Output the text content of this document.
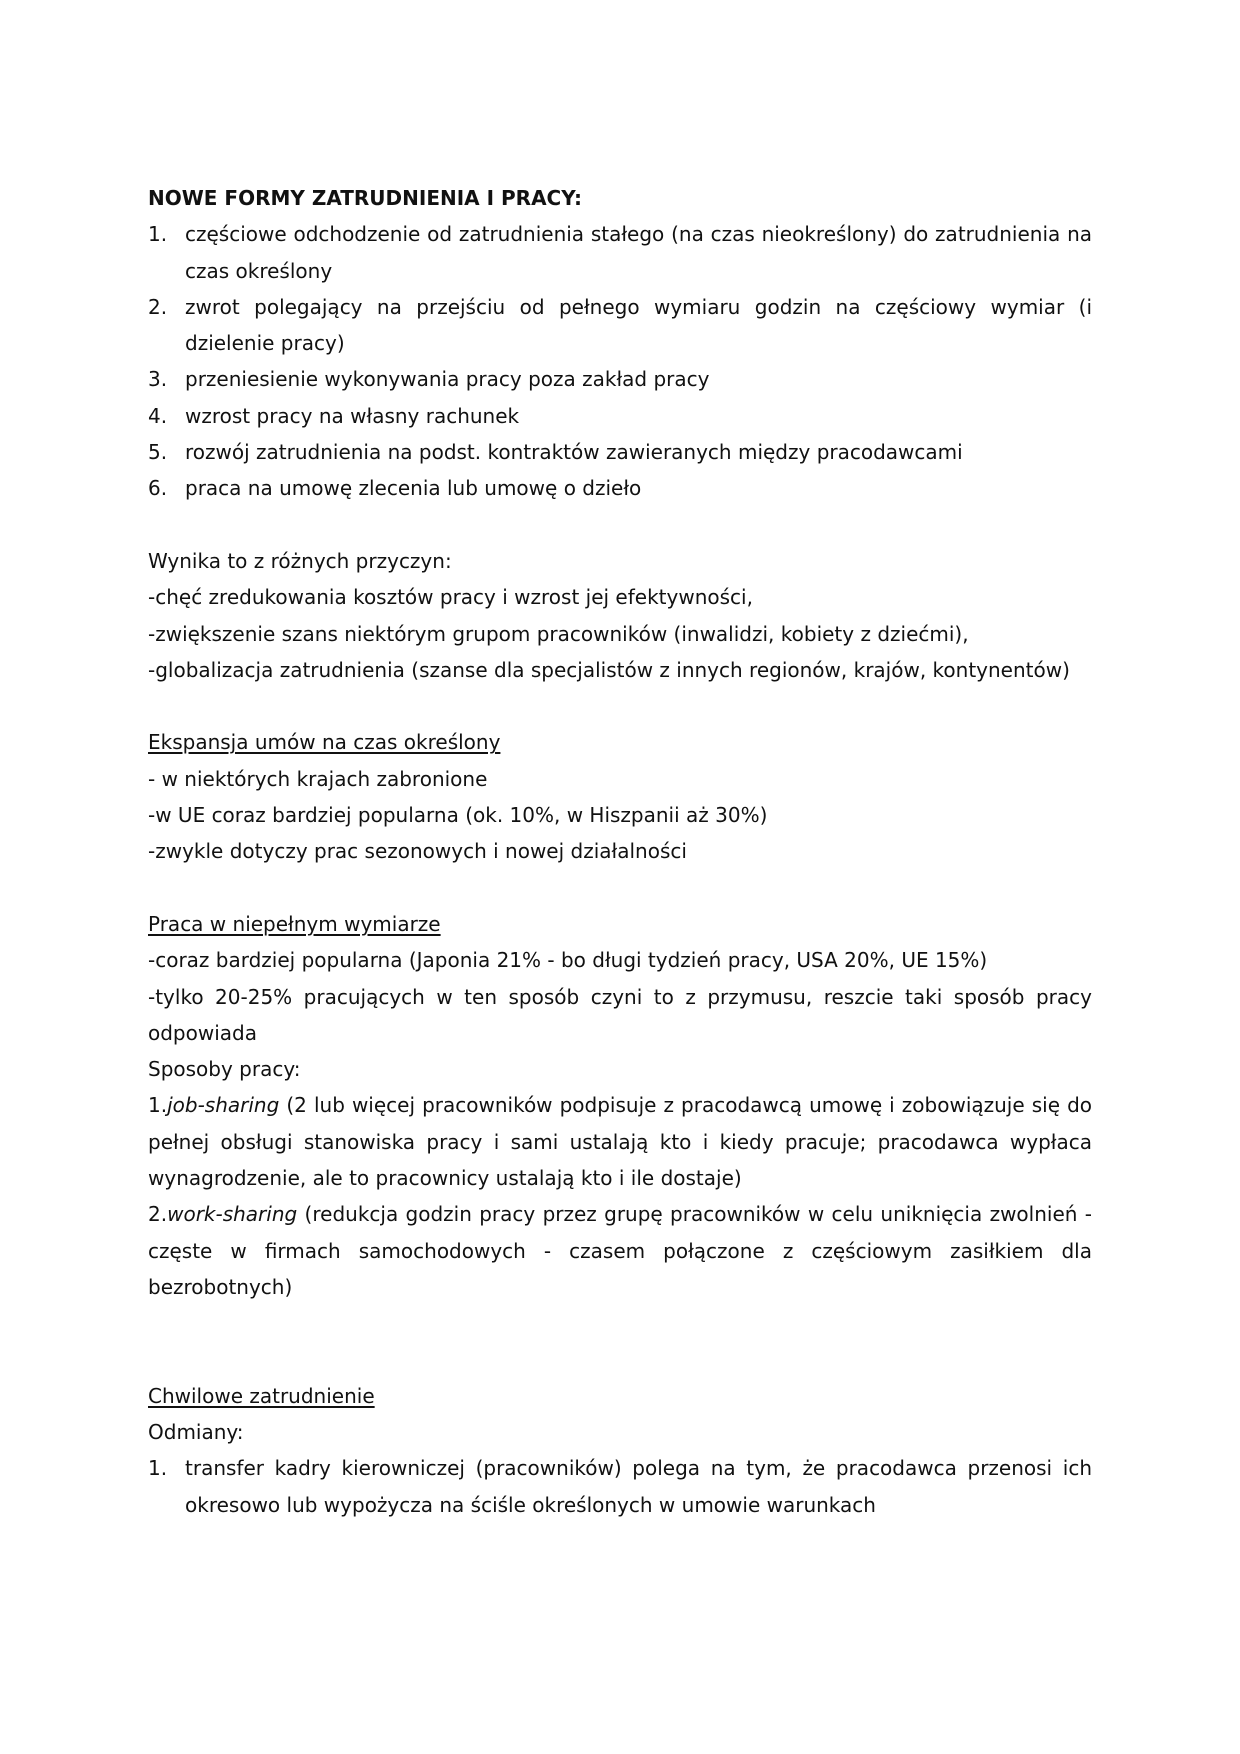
NOWE FORMY ZATRUDNIENIA I PRACY:

1. częściowe odchodzenie od zatrudnienia stałego (na czas nieokreślony) do zatrudnienia na czas określony
2. zwrot polegający na przejściu od pełnego wymiaru godzin na częściowy wymiar (i dzielenie pracy)
3. przeniesienie wykonywania pracy poza zakład pracy
4. wzrost pracy na własny rachunek
5. rozwój zatrudnienia na podst. kontraktów zawieranych między pracodawcami
6. praca na umowę zlecenia lub umowę o dzieło

Wynika to z różnych przyczyn:

-chęć zredukowania kosztów pracy i wzrost jej efektywności,

-zwiększenie szans niektórym grupom pracowników (inwalidzi, kobiety z dziećmi),

-globalizacja zatrudnienia (szanse dla specjalistów z innych regionów, krajów, kontynentów)

Ekspansja umów na czas określony

- w niektórych krajach zabronione

-w UE coraz bardziej popularna (ok. 10%, w Hiszpanii aż 30%)

-zwykle dotyczy prac sezonowych i nowej działalności

Praca w niepełnym wymiarze

-coraz bardziej popularna (Japonia 21% - bo długi tydzień pracy, USA 20%, UE 15%)

-tylko 20-25% pracujących w ten sposób czyni to z przymusu, reszcie taki sposób pracy odpowiada

Sposoby pracy:

1.job-sharing (2 lub więcej pracowników podpisuje z pracodawcą umowę i zobowiązuje się do pełnej obsługi stanowiska pracy i sami ustalają kto i kiedy pracuje; pracodawca wypłaca wynagrodzenie, ale to pracownicy ustalają kto i ile dostaje)

2.work-sharing (redukcja godzin pracy przez grupę pracowników w celu uniknięcia zwolnień -częste w firmach samochodowych - czasem połączone z częściowym zasiłkiem dla bezrobotnych)

Chwilowe zatrudnienie

Odmiany:

1. transfer kadry kierowniczej (pracowników) polega na tym, że pracodawca przenosi ich okresowo lub wypożycza na ściśle określonych w umowie warunkach
